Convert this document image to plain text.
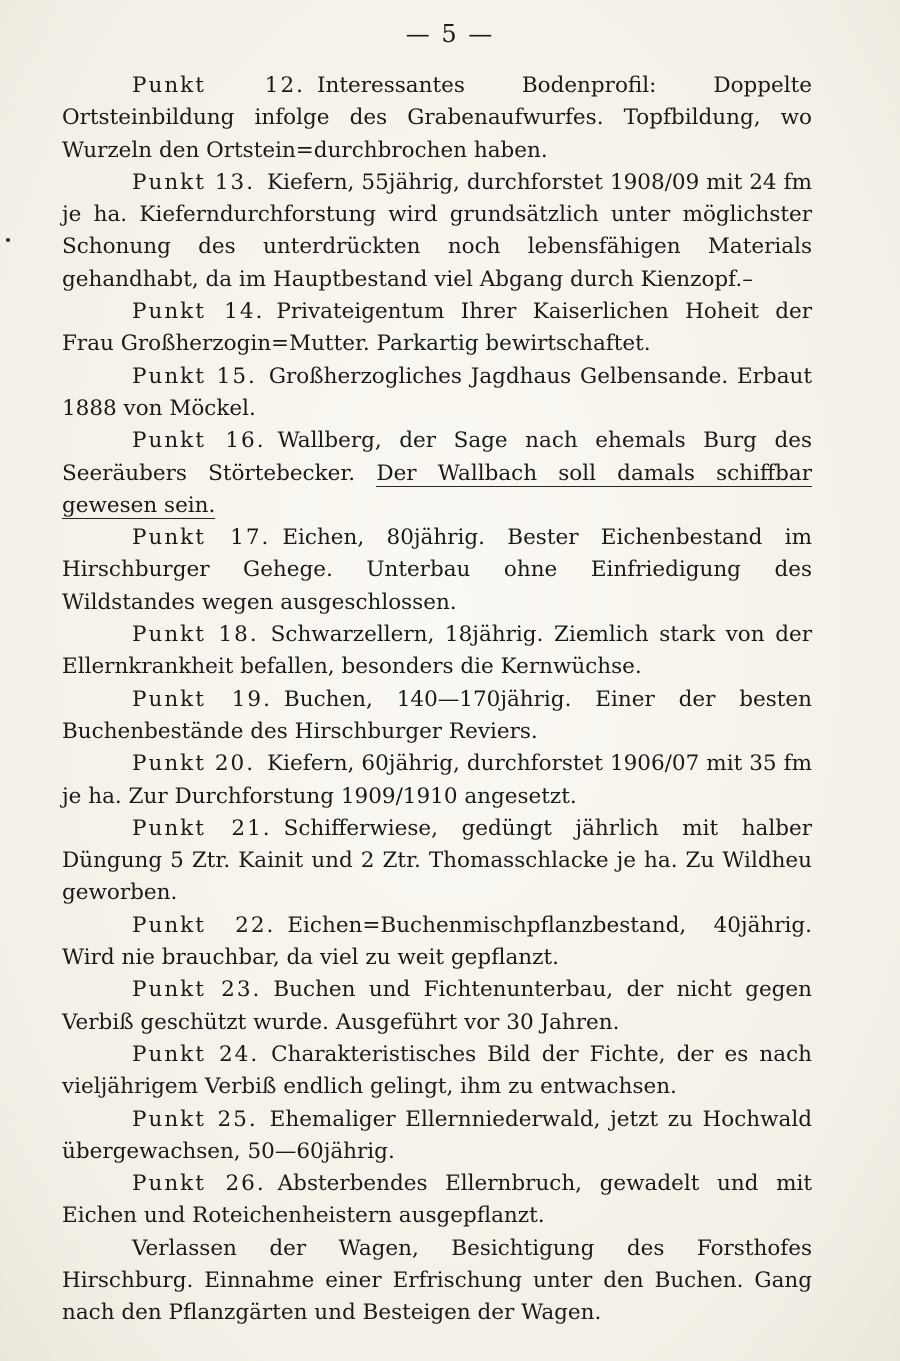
— 5 —

Punkt 12. Interessantes Bodenprofil: Doppelte Ortsteinbildung infolge des Grabenaufwurfes. Topfbildung, wo Wurzeln den Ortstein=durchbrochen haben.

Punkt 13. Kiefern, 55jährig, durchforstet 1908/09 mit 24 fm je ha. Kieferndurchforstung wird grundsätzlich unter möglichster Schonung des unterdrückten noch lebensfähigen Materials gehandhabt, da im Hauptbestand viel Abgang durch Kienzopf.–

Punkt 14. Privateigentum Ihrer Kaiserlichen Hoheit der Frau Großherzogin=Mutter. Parkartig bewirtschaftet.

Punkt 15. Großherzogliches Jagdhaus Gelbensande. Erbaut 1888 von Möckel.

Punkt 16. Wallberg, der Sage nach ehemals Burg des Seeräubers Störtebecker. Der Wallbach soll damals schiffbar gewesen sein.

Punkt 17. Eichen, 80jährig. Bester Eichenbestand im Hirschburger Gehege. Unterbau ohne Einfriedigung des Wildstandes wegen ausgeschlossen.

Punkt 18. Schwarzellern, 18jährig. Ziemlich stark von der Ellernkrankheit befallen, besonders die Kernwüchse.

Punkt 19. Buchen, 140—170jährig. Einer der besten Buchenbestände des Hirschburger Reviers.

Punkt 20. Kiefern, 60jährig, durchforstet 1906/07 mit 35 fm je ha. Zur Durchforstung 1909/1910 angesetzt.

Punkt 21. Schifferwiese, gedüngt jährlich mit halber Düngung 5 Ztr. Kainit und 2 Ztr. Thomasschlacke je ha. Zu Wildheu geworben.

Punkt 22. Eichen=Buchenmischpflanzbestand, 40jährig. Wird nie brauchbar, da viel zu weit gepflanzt.

Punkt 23. Buchen und Fichtenunterbau, der nicht gegen Verbiß geschützt wurde. Ausgeführt vor 30 Jahren.

Punkt 24. Charakteristisches Bild der Fichte, der es nach vieljährigem Verbiß endlich gelingt, ihm zu entwachsen.

Punkt 25. Ehemaliger Ellernniederwald, jetzt zu Hochwald übergewachsen, 50—60jährig.

Punkt 26. Absterbendes Ellernbruch, gewadelt und mit Eichen und Roteichenheistern ausgepflanzt.

Verlassen der Wagen, Besichtigung des Forsthofes Hirschburg. Einnahme einer Erfrischung unter den Buchen. Gang nach den Pflanzgärten und Besteigen der Wagen.
